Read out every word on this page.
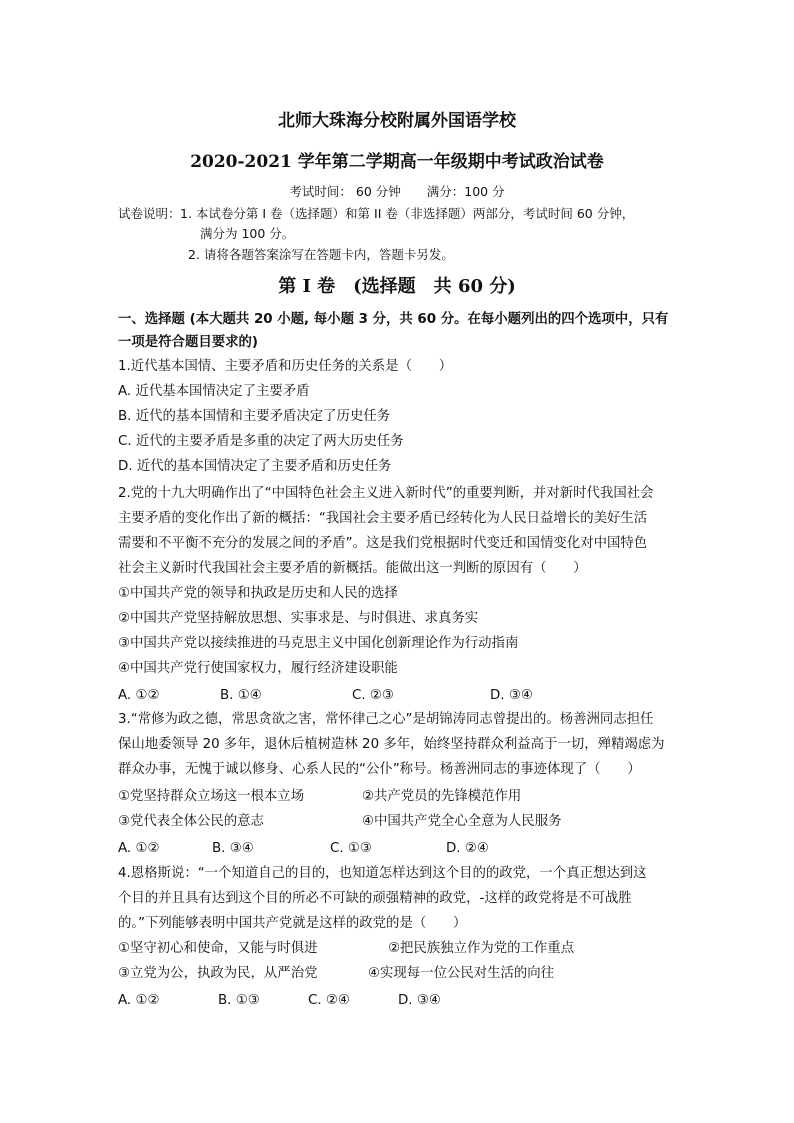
北师大珠海分校附属外国语学校
2020-2021 学年第二学期高一年级期中考试政治试卷
考试时间： 60 分钟 满分：100 分
试卷说明： 1. 本试卷分第 I 卷（选择题）和第 II 卷（非选择题）两部分，考试时间 60 分钟，
满分为 100 分。
2. 请将各题答案涂写在答题卡内，答题卡另发。
第 I 卷　(选择题　共 60 分)
一、选择题 (本大题共 20 小题, 每小题 3 分，共 60 分。在每小题列出的四个选项中，只有
一项是符合题目要求的)
1.近代基本国情、主要矛盾和历史任务的关系是（　　）
A. 近代基本国情决定了主要矛盾
B. 近代的基本国情和主要矛盾决定了历史任务
C. 近代的主要矛盾是多重的决定了两大历史任务
D. 近代的基本国情决定了主要矛盾和历史任务
2.党的十九大明确作出了“中国特色社会主义进入新时代”的重要判断，并对新时代我国社会
主要矛盾的变化作出了新的概括：“我国社会主要矛盾已经转化为人民日益增长的美好生活
需要和不平衡不充分的发展之间的矛盾”。这是我们党根据时代变迁和国情变化对中国特色
社会主义新时代我国社会主要矛盾的新概括。能做出这一判断的原因有（　　）
①中国共产党的领导和执政是历史和人民的选择
②中国共产党坚持解放思想、实事求是、与时俱进、求真务实
③中国共产党以接续推进的马克思主义中国化创新理论作为行动指南
④中国共产党行使国家权力，履行经济建设职能
A. ①②	B. ①④	C. ②③	D. ③④
3.“常修为政之德，常思贪欲之害，常怀律己之心”是胡锦涛同志曾提出的。杨善洲同志担任
保山地委领导 20 多年，退休后植树造林 20 多年，始终坚持群众利益高于一切，殚精竭虑为
群众办事，无愧于诚以修身、心系人民的“公仆”称号。杨善洲同志的事迹体现了（　　）
①党坚持群众立场这一根本立场	②共产党员的先锋模范作用
③党代表全体公民的意志	④中国共产党全心全意为人民服务
A. ①②	B. ③④	C. ①③	D. ②④
4.恩格斯说：“一个知道自己的目的，也知道怎样达到这个目的的政党，一个真正想达到这
个目的并且具有达到这个目的所必不可缺的顽强精神的政党，-这样的政党将是不可战胜
的。”下列能够表明中国共产党就是这样的政党的是（　　）
①坚守初心和使命，又能与时俱进	②把民族独立作为党的工作重点
③立党为公，执政为民，从严治党	④实现每一位公民对生活的向往
A. ①②	B. ①③	C. ②④	D. ③④
